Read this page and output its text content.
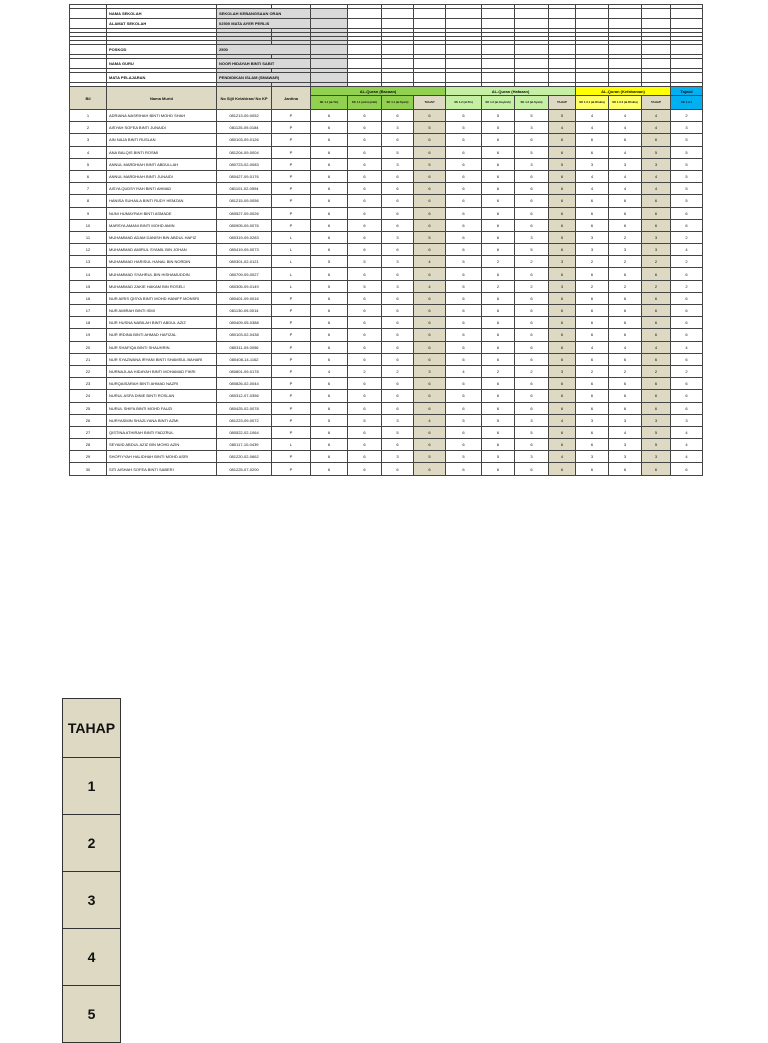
	NAMA SEKOLAH	SEKOLAH KEBANGSAAN ORAN													
	ALAMAT SEKOLAH	02500 MATA AYER PERLIS													

	POSKOD	2500													

	NAMA GURU	NOOR HIDAYAH BINTI SABIT													

	MATA PELAJARAN	PENDIDIKAN ISLAM (SMAWAR)													

Bil	Nama Murid	No Sijil Kelahiran/ No KP	Jantina	AL-Quran (Bacaan)				AL-Quran (Hafazan)				AL-Quran (Kefahaman)			Tajwid
				SK 1.1 (al-Tin)	SK 1.1 (al-Insyirah)	SK 1.1 (al-Syam)	TAHAP	SK 1.2 (al-Tin)	SK 1.2 (al-Insyirah)	SK 1.2 (al-Syam)	TAHAP	SK 1.3.1 (al-Dhuha)	SK 1.3.2 (al-Dhuha)	TAHAP	SK 1.4.1
1	ADRIANA NASRIHAH BINTI MOHD SHAH	081213-09-0052	P	6	6	6	6	6	5	5	5	4	4	4	2
2	AISYAH SOFEA BINTI JUNAIDI	081125-09-0184	P	6	6	3	5	5	5	3	4	4	4	4	3
3	AIN NAJA BINTI RUSLAN	080103-09-0126	P	6	6	6	6	6	6	6	6	6	6	6	5
4	ANA BALQIS BINTI ROSMI	081204-09-0004	P	6	6	5	6	6	6	5	6	6	4	5	5
5	ANNUL MARDHIAH BINTI ABDULLAH	080723-02-0083	P	6	6	3	5	6	6	3	5	3	3	3	5
6	ANNUL MARDHIAH BINTI JUNAIDI	080427-09-0176	P	6	6	6	6	6	6	6	6	4	4	4	5
7	AISYA QUDSYIYAH BINTI AHMAD	081101-02-0594	P	6	6	6	6	6	6	6	6	4	4	4	5
8	HANISA SUHAILA BINTI RUDY HEMZAN	081215-09-0056	P	6	6	6	6	6	6	6	6	6	6	6	5
9	NUNI HUMAYRAH BINTI ASMADE	080527-09-0026	P	6	6	6	6	6	6	6	6	6	6	6	6
10	MARSYA AMANI BINTI MOHD AMIN	080905-09-0076	P	6	6	6	6	6	6	6	6	6	6	6	6
11	MUHAMMAD ADAM DANISH BIN ABDUL HAFIZ	080319-09-0283	L	6	6	3	5	6	6	3	5	3	2	3	2
12	MUHAMMAD AMIRUL SYAMIL BIN JOHAN	080419-09-0073	L	6	6	6	6	6	6	5	6	3	3	3	4
13	MUHAMMAD HARISUL HANAL BIN NORDIN	080301-02-0121	L	5	5	3	4	5	2	2	3	2	2	2	2
14	MUHAMMAD SYAHRUL BIN HISHAMUDDIN	080709-09-0027	L	6	6	6	6	6	6	6	6	6	6	6	6
15	MUHAMMAD ZAKIE HAKAM BIN ROSELI	080305-09-0149	L	5	5	3	4	5	2	2	3	2	2	2	2
16	NUR AIRIS QISYA BINTI MOHD HANIFF MONSRI	080401-09-0016	P	6	6	6	6	6	6	6	6	6	6	6	6
17	NUR AMIRAH BINTI ISMI	081130-09-0014	P	6	6	6	6	6	6	6	6	6	6	6	6
18	NUR HUSNA NABILAH BINTI ABDUL AZIZ	080409-05-0388	P	6	6	6	6	6	6	6	6	6	6	6	6
19	NUR IRDINA BINTI AHMAD HAFIZAL	080103-02-0438	P	6	6	6	6	6	6	6	6	6	6	6	6
20	NUR SHAFIQA BINTI SHAUHRIN	080311-09-0056	P	6	6	6	6	6	6	6	6	4	4	4	4
21	NUR SYAZWANA IRYANI BINTI SHAMSUL BAHARI	080408-14-1162	P	6	6	6	6	6	6	6	6	6	6	6	6
22	NURNAJLAA HIDAYAH BINTI MOHAMAD FIKRI	080801-09-0178	P	4	2	2	3	4	2	2	3	2	2	2	2
23	NURQAISARAH BINTI AHMAD NAZRI	080826-02-0044	P	6	6	6	6	6	6	6	6	6	6	6	6
24	NURUL ASFA DINIE BINTI ROSLAN	080312-07-0356	P	6	6	6	6	6	6	6	6	6	6	6	6
25	NURUL SHIFA BINTI MOHD FAUZI	080425-02-0078	P	6	6	6	6	6	6	6	6	6	6	6	6
26	NURYASMIN SHAZLYANA BINTI AZMI	081223-09-0072	P	5	5	3	4	5	5	3	4	3	3	3	3
27	QISTINA ATHIRAH BINTI FADZRUL	080522-02-1064	P	6	6	5	6	6	6	5	6	6	4	5	4
28	SEYAIID ABDUL AZIZ BIN MOHD AZIN	080117-10-0439	L	6	6	6	6	6	6	6	6	6	3	5	4
29	SHOFIYYAH HALIDHAH BINTI MOHD ASRI	081220-02-0662	P	6	6	3	5	5	5	3	4	3	3	3	4
30	SITI AISHAH SOFEA BINTI SABERI	081225-07-0200	P	6	6	6	6	6	6	6	6	6	6	6	6
TAHAP
1
2
3
4
5
